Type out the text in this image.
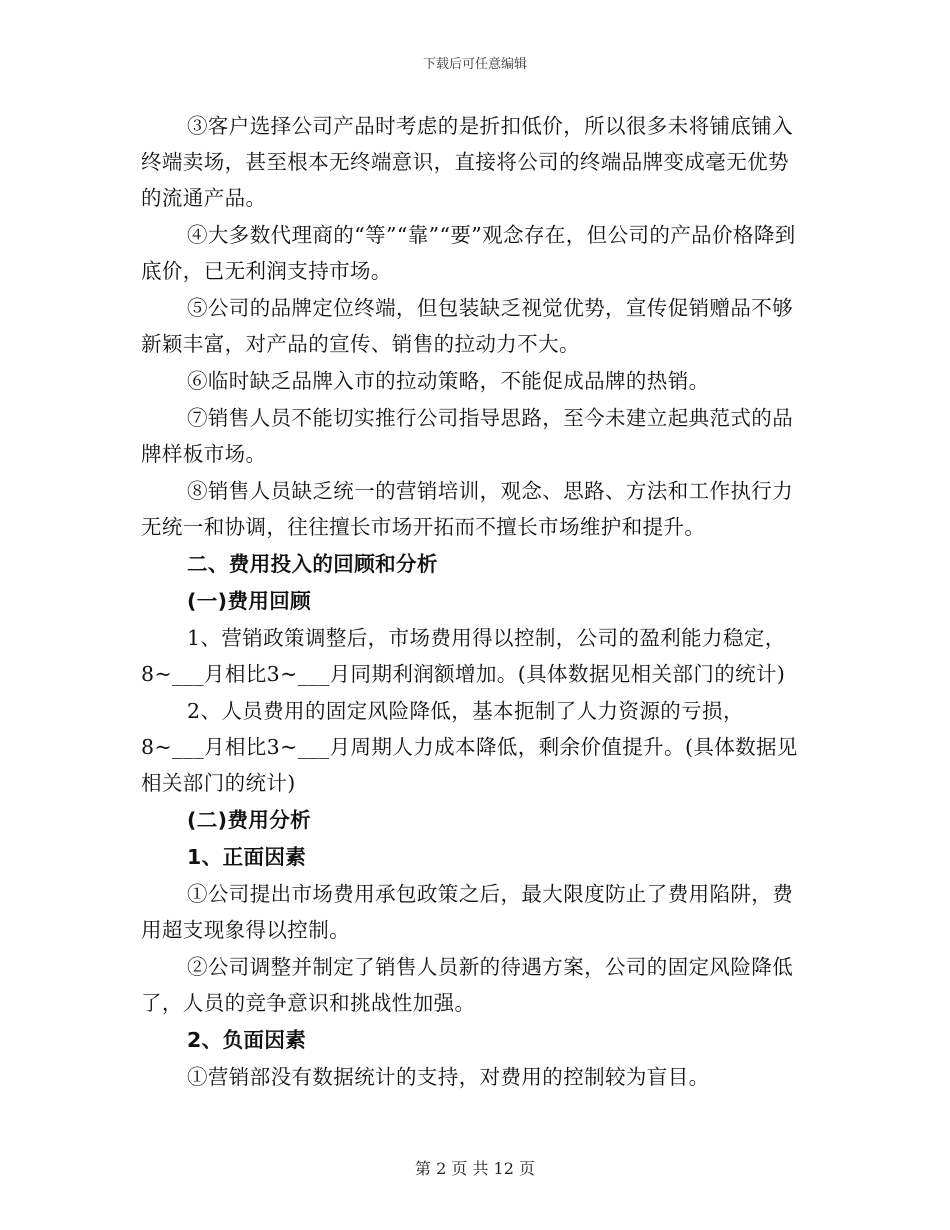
下载后可任意编辑
③客户选择公司产品时考虑的是折扣低价，所以很多未将铺底铺入终端卖场，甚至根本无终端意识，直接将公司的终端品牌变成毫无优势的流通产品。
④大多数代理商的“等”“靠”“要”观念存在，但公司的产品价格降到底价，已无利润支持市场。
⑤公司的品牌定位终端，但包装缺乏视觉优势，宣传促销赠品不够新颖丰富，对产品的宣传、销售的拉动力不大。
⑥临时缺乏品牌入市的拉动策略，不能促成品牌的热销。
⑦销售人员不能切实推行公司指导思路，至今未建立起典范式的品牌样板市场。
⑧销售人员缺乏统一的营销培训，观念、思路、方法和工作执行力无统一和协调，往往擅长市场开拓而不擅长市场维护和提升。
二、费用投入的回顾和分析
(一)费用回顾
1、营销政策调整后，市场费用得以控制，公司的盈利能力稳定，8~___月相比3~___月同期利润额增加。(具体数据见相关部门的统计)
2、人员费用的固定风险降低，基本扼制了人力资源的亏损，8~___月相比3~___月周期人力成本降低，剩余价值提升。(具体数据见相关部门的统计)
(二)费用分析
1、正面因素
①公司提出市场费用承包政策之后，最大限度防止了费用陷阱，费用超支现象得以控制。
②公司调整并制定了销售人员新的待遇方案，公司的固定风险降低了，人员的竞争意识和挑战性加强。
2、负面因素
①营销部没有数据统计的支持，对费用的控制较为盲目。
第 2 页 共 12 页
